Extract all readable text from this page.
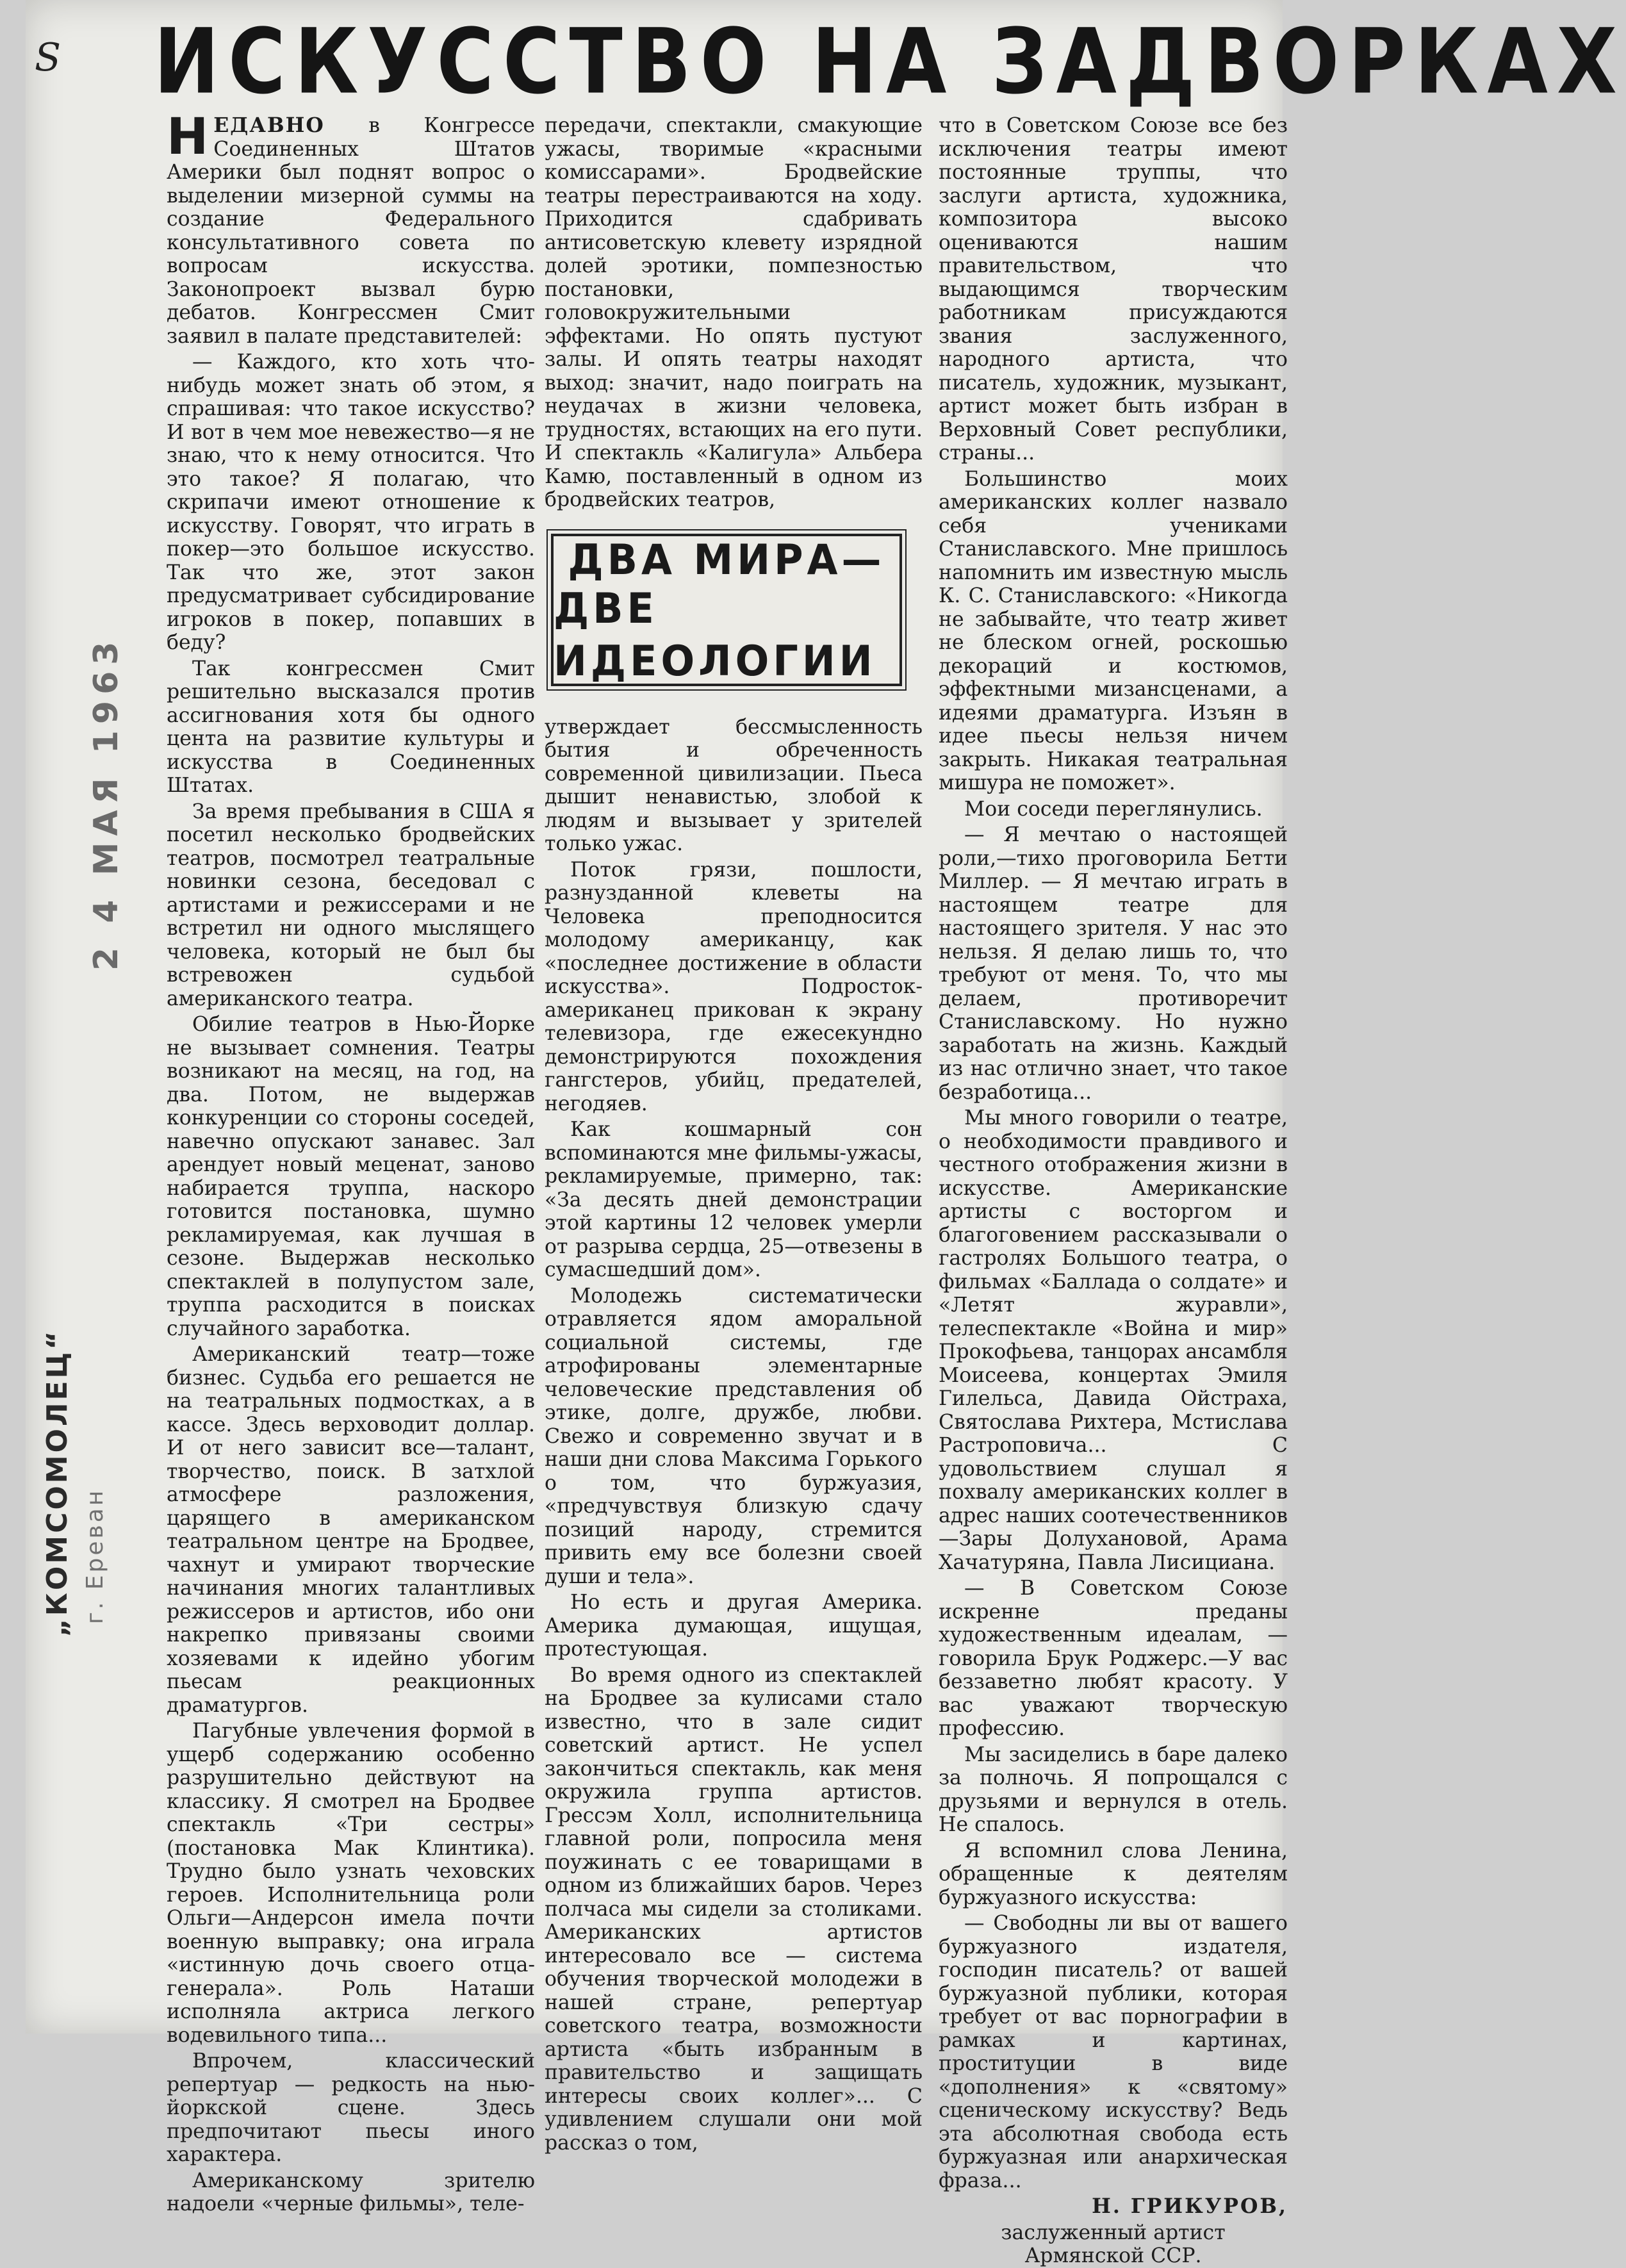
S ИСКУССТВО НА ЗАДВОРКАХ

НЕДАВНО в Конгрессе Соединенных Штатов Америки был поднят вопрос о выделении мизерной суммы на создание Федерального консультативного совета по вопросам искусства. Законопроект вызвал бурю дебатов. Конгрессмен Смит заявил в палате представителей:

— Каждого, кто хоть что-нибудь может знать об этом, я спрашивая: что такое искусство? И вот в чем мое невежество—я не знаю, что к нему относится. Что это такое? Я полагаю, что скрипачи имеют отношение к искусству. Говорят, что играть в покер—это большое искусство. Так что же, этот закон предусматривает субсидирование игроков в покер, попавших в беду?

Так конгрессмен Смит решительно высказался против ассигнования хотя бы одного цента на развитие культуры и искусства в Соединенных Штатах.

За время пребывания в США я посетил несколько бродвейских театров, посмотрел театральные новинки сезона, беседовал с артистами и режиссерами и не встретил ни одного мыслящего человека, который не был бы встревожен судьбой американского театра.

Обилие театров в Нью-Йорке не вызывает сомнения. Театры возникают на месяц, на год, на два. Потом, не выдержав конкуренции со стороны соседей, навечно опускают занавес. Зал арендует новый меценат, заново набирается труппа, наскоро готовится постановка, шумно рекламируемая, как лучшая в сезоне. Выдержав несколько спектаклей в полупустом зале, труппа расходится в поисках случайного заработка.

Американский театр—тоже бизнес. Судьба его решается не на театральных подмостках, а в кассе. Здесь верховодит доллар. И от него зависит все—талант, творчество, поиск. В затхлой атмосфере разложения, царящего в американском театральном центре на Бродвее, чахнут и умирают творческие начинания многих талантливых режиссеров и артистов, ибо они накрепко привязаны своими хозяевами к идейно убогим пьесам реакционных драматургов.

Пагубные увлечения формой в ущерб содержанию особенно разрушительно действуют на классику. Я смотрел на Бродвее спектакль «Три сестры» (постановка Мак Клинтика). Трудно было узнать чеховских героев. Исполнительница роли Ольги—Андерсон имела почти военную выправку; она играла «истинную дочь своего отца-генерала». Роль Наташи исполняла актриса легкого водевильного типа...

Впрочем, классический репертуар — редкость на нью-йоркской сцене. Здесь предпочитают пьесы иного характера.

Американскому зрителю надоели «черные фильмы», теле-

передачи, спектакли, смакующие ужасы, творимые «красными комиссарами». Бродвейские театры перестраиваются на ходу. Приходится сдабривать антисоветскую клевету изрядной долей эротики, помпезностью постановки, головокружительными эффектами. Но опять пустуют залы. И опять театры находят выход: значит, надо поиграть на неудачах в жизни человека, трудностях, встающих на его пути. И спектакль «Калигула» Альбера Камю, поставленный в одном из бродвейских театров,

ДВА МИРА—
ДВЕ ИДЕОЛОГИИ

утверждает бессмысленность бытия и обреченность современной цивилизации. Пьеса дышит ненавистью, злобой к людям и вызывает у зрителей только ужас.

Поток грязи, пошлости, разнузданной клеветы на Человека преподносится молодому американцу, как «последнее достижение в области искусства». Подросток-американец прикован к экрану телевизора, где ежесекундно демонстрируются похождения гангстеров, убийц, предателей, негодяев.

Как кошмарный сон вспоминаются мне фильмы-ужасы, рекламируемые, примерно, так: «За десять дней демонстрации этой картины 12 человек умерли от разрыва сердца, 25—отвезены в сумасшедший дом».

Молодежь систематически отравляется ядом аморальной социальной системы, где атрофированы элементарные человеческие представления об этике, долге, дружбе, любви. Свежо и современно звучат и в наши дни слова Максима Горького о том, что буржуазия, «предчувствуя близкую сдачу позиций народу, стремится привить ему все болезни своей души и тела».

Но есть и другая Америка. Америка думающая, ищущая, протестующая.

Во время одного из спектаклей на Бродвее за кулисами стало известно, что в зале сидит советский артист. Не успел закончиться спектакль, как меня окружила группа артистов. Грессэм Холл, исполнительница главной роли, попросила меня поужинать с ее товарищами в одном из ближайших баров. Через полчаса мы сидели за столиками. Американских артистов интересовало все — система обучения творческой молодежи в нашей стране, репертуар советского театра, возможности артиста «быть избранным в правительство и защищать интересы своих коллег»... С удивлением слушали они мой рассказ о том,

что в Советском Союзе все без исключения театры имеют постоянные труппы, что заслуги артиста, художника, композитора высоко оцениваются нашим правительством, что выдающимся творческим работникам присуждаются звания заслуженного, народного артиста, что писатель, художник, музыкант, артист может быть избран в Верховный Совет республики, страны...

Большинство моих американских коллег назвало себя учениками Станиславского. Мне пришлось напомнить им известную мысль К. С. Станиславского: «Никогда не забывайте, что театр живет не блеском огней, роскошью декораций и костюмов, эффектными мизансценами, а идеями драматурга. Изъян в идее пьесы нельзя ничем закрыть. Никакая театральная мишура не поможет».

Мои соседи переглянулись.

— Я мечтаю о настоящей роли,—тихо проговорила Бетти Миллер. — Я мечтаю играть в настоящем театре для настоящего зрителя. У нас это нельзя. Я делаю лишь то, что требуют от меня. То, что мы делаем, противоречит Станиславскому. Но нужно заработать на жизнь. Каждый из нас отлично знает, что такое безработица...

Мы много говорили о театре, о необходимости правдивого и честного отображения жизни в искусстве. Американские артисты с восторгом и благоговением рассказывали о гастролях Большого театра, о фильмах «Баллада о солдате» и «Летят журавли», телеспектакле «Война и мир» Прокофьева, танцорах ансамбля Моисеева, концертах Эмиля Гилельса, Давида Ойстраха, Святослава Рихтера, Мстислава Растроповича... С удовольствием слушал я похвалу американских коллег в адрес наших соотечественников—Зары Долухановой, Арама Хачатуряна, Павла Лисициана.

— В Советском Союзе искренне преданы художественным идеалам, — говорила Брук Роджерс.—У вас беззаветно любят красоту. У вас уважают творческую профессию.

Мы засиделись в баре далеко за полночь. Я попрощался с друзьями и вернулся в отель. Не спалось.

Я вспомнил слова Ленина, обращенные к деятелям буржуазного искусства:

— Свободны ли вы от вашего буржуазного издателя, господин писатель? от вашей буржуазной публики, которая требует от вас порнографии в рамках и картинах, проституции в виде «дополнения» к «святому» сценическому искусству? Ведь эта абсолютная свобода есть буржуазная или анархическая фраза...

Н. ГРИКУРОВ,

заслуженный артист Армянской ССР.

2 4 МАЯ 1963
„КОМСОМОЛЕЦ“ г. Ереван
